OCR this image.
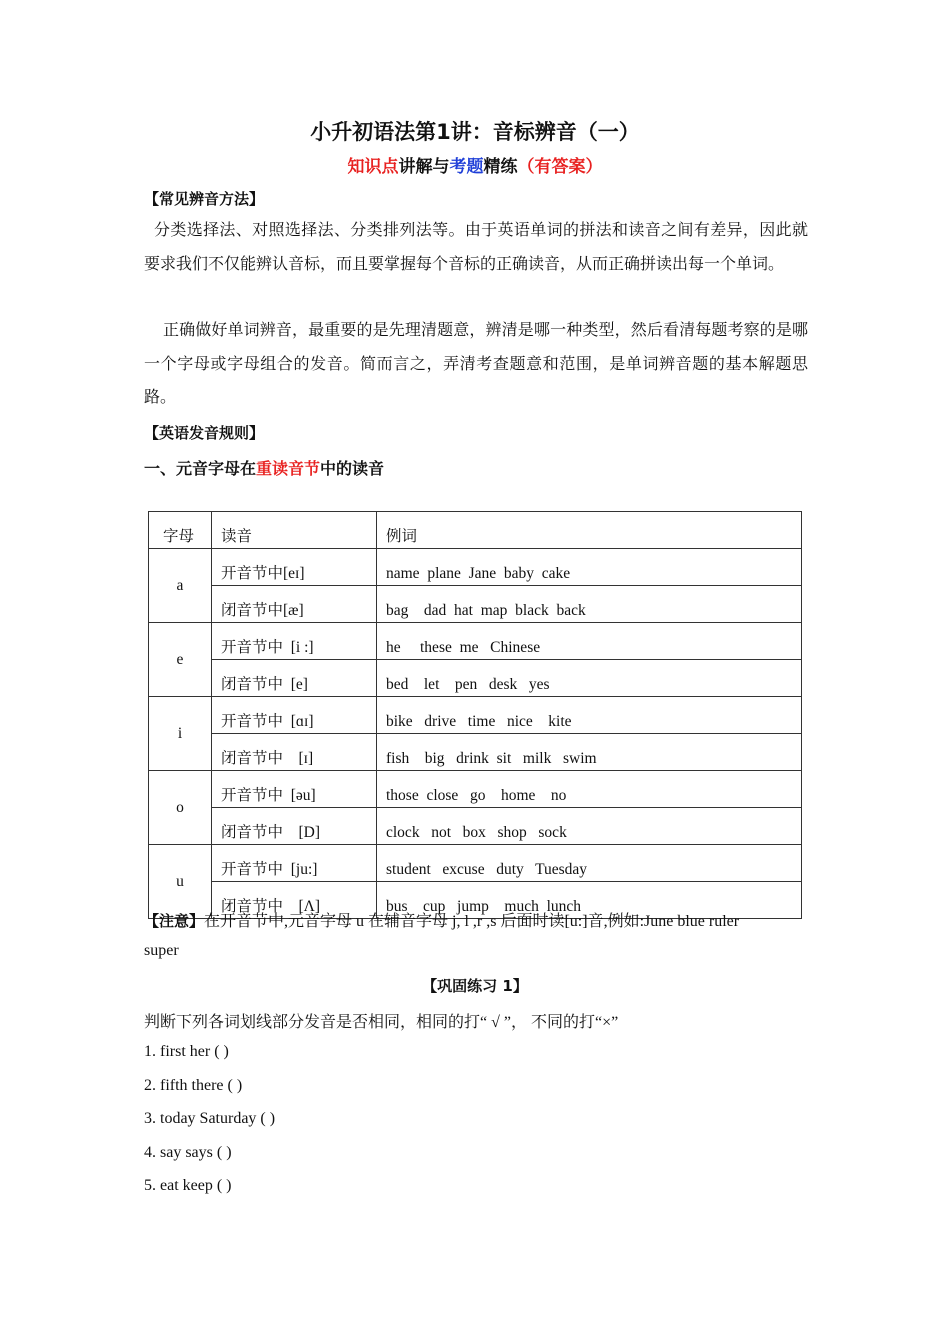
小升初语法第1讲：音标辨音（一）
知识点讲解与考题精练（有答案）
【常见辨音方法】
分类选择法、对照选择法、分类排列法等。由于英语单词的拼法和读音之间有差异，因此就要求我们不仅能辨认音标，而且要掌握每个音标的正确读音，从而正确拼读出每一个单词。
正确做好单词辨音，最重要的是先理清题意，辨清是哪一种类型，然后看清每题考察的是哪一个字母或字母组合的发音。简而言之，弄清考查题意和范围，是单词辨音题的基本解题思路。
【英语发音规则】
一、元音字母在重读音节中的读音
字母	读音	例词
a	开音节中[eɪ]	name  plane  Jane  baby  cake
	闭音节中[æ]	bag    dad  hat  map  black  back
e	开音节中  [i :]	he     these  me   Chinese
	闭音节中  [e]	bed    let    pen   desk   yes
i	开音节中  [ɑɪ]	bike   drive   time   nice    kite
	闭音节中    [ɪ]	fish    big   drink  sit   milk   swim
o	开音节中  [əu]	those  close   go    home    no
	闭音节中    [D]	clock   not   box   shop   sock
u	开音节中  [ju:]	student   excuse   duty   Tuesday
	闭音节中    [Λ]	bus    cup   jump    much  lunch
【注意】在开音节中,元音字母 u 在辅音字母 j, l ,r ,s 后面时读[u:]音,例如:June blue ruler
super
【巩固练习 1】
判断下列各词划线部分发音是否相同，相同的打“ √ ”， 不同的打“×”
1. first her ( )
2. fifth there ( )
3. today Saturday ( )
4. say says ( )
5. eat keep ( )
